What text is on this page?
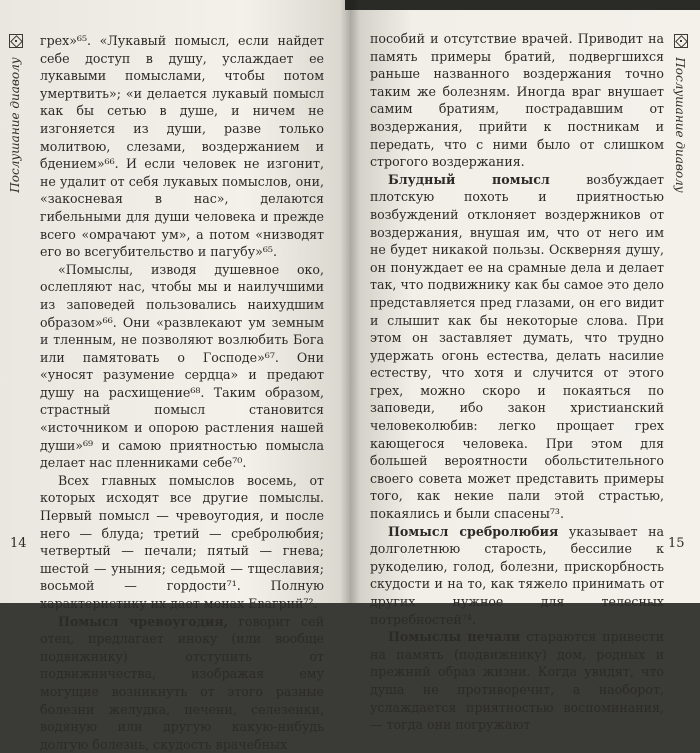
Послушание диаволу

грех»⁶⁵. «Лукавый помысл, если найдет себе доступ в душу, услаждает ее лукавыми помыслами, чтобы потом умертвить»; «и делается лукавый помысл как бы сетью в душе, и ничем не изгоняется из души, разве только молитвою, слезами, воздержанием и бдением»⁶⁶. И если человек не изгонит, не удалит от себя лукавых помыслов, они, «закосневая в нас», делаются гибельными для души человека и прежде всего «омрачают ум», а потом «низводят его во всегубительство и пагубу»⁶⁵.

«Помыслы, изводя душевное око, ослепляют нас, чтобы мы и наилучшими из заповедей пользовались наихудшим образом»⁶⁶. Они «развлекают ум земным и тленным, не позволяют возлюбить Бога или памятовать о Господе»⁶⁷. Они «уносят разумение сердца» и предают душу на расхищение⁶⁸. Таким образом, страстный помысл становится «источником и опорою растления нашей души»⁶⁹ и самою приятностью помысла делает нас пленниками себе⁷⁰.

Всех главных помыслов восемь, от которых исходят все другие помыслы. Первый помысл — чревоугодия, и после него — блуда; третий — сребролюбия; четвертый — печали; пятый — гнева; шестой — уныния; седьмой — тщеславия; восьмой — гордости⁷¹. Полную характеристику их дает монах Евагрий⁷².

Помысл чревоугодия, говорит сей отец, предлагает иноку (или вообще подвижнику) отступить от подвижничества, изображая ему могущие возникнуть от этого разные болезни желудка, печени, селезенки, водяную или другую какую-нибудь долгую болезнь, скудость врачебных

14
Послушание диаволу

пособий и отсутствие врачей. Приводит на память примеры братий, подвергшихся раньше названного воздержания точно таким же болезням. Иногда враг внушает самим братиям, пострадавшим от воздержания, прийти к постникам и передать, что с ними было от слишком строгого воздержания.

Блудный помысл возбуждает плотскую похоть и приятностью возбуждений отклоняет воздержников от воздержания, внушая им, что от него им не будет никакой пользы. Оскверняя душу, он понуждает ее на срамные дела и делает так, что подвижнику как бы самое это дело представляется пред глазами, он его видит и слышит как бы некоторые слова. При этом он заставляет думать, что трудно удержать огонь естества, делать насилие естеству, что хотя и случится от этого грех, можно скоро и покаяться по заповеди, ибо закон христианский человеколюбив: легко прощает грех кающегося человека. При этом для большей вероятности обольстительного своего совета может представить примеры того, как некие пали этой страстью, покаялись и были спасены⁷³.

Помысл сребролюбия указывает на долголетнюю старость, бессилие к рукоделию, голод, болезни, прискорбность скудости и на то, как тяжело принимать от других нужное для телесных потребностей⁷⁴.

Помыслы печали стараются привести на память (подвижнику) дом, родных и прежний образ жизни. Когда увидят, что душа не противоречит, а наоборот, услаждается приятностью воспоминания, — тогда они погружают

15
